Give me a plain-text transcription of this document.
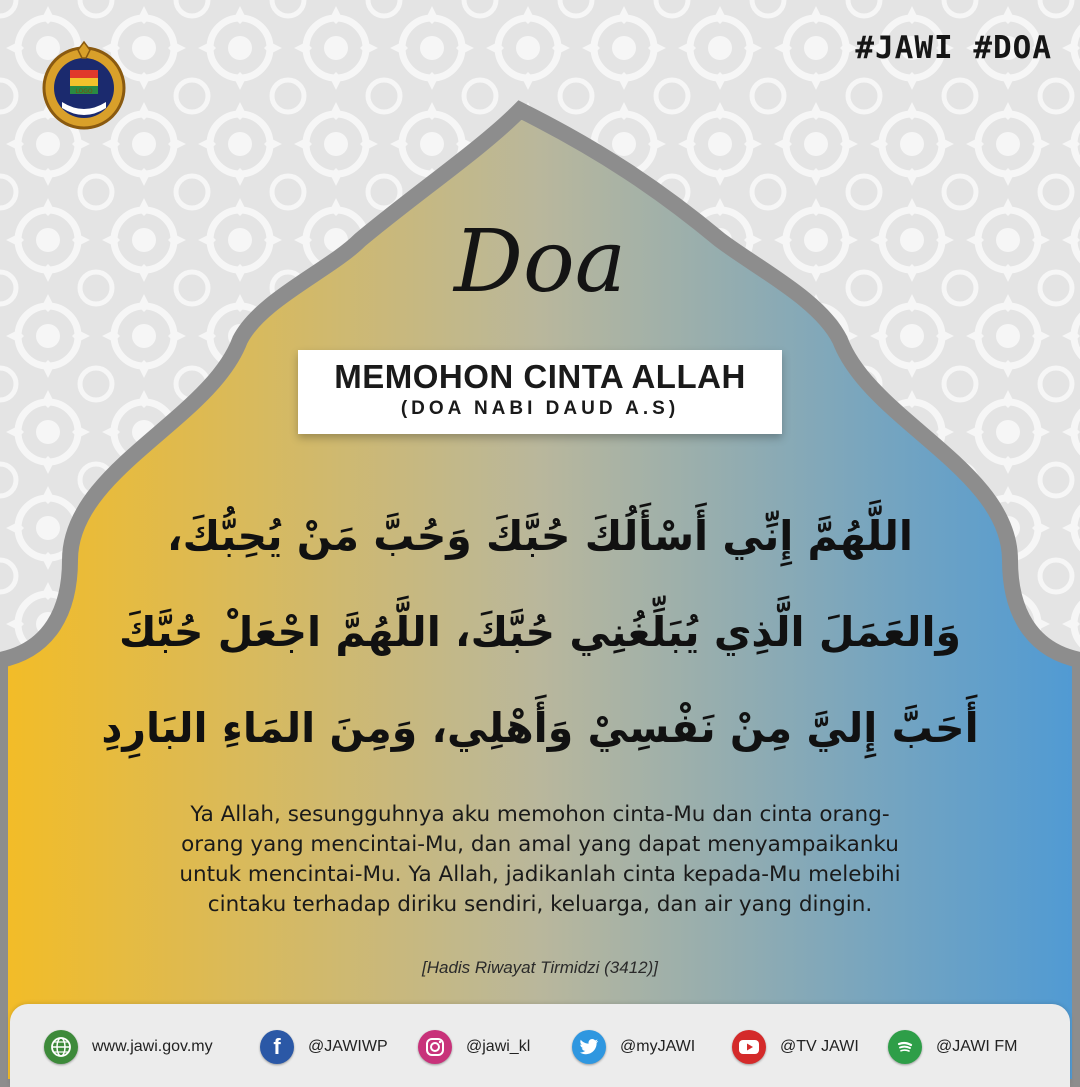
LOGO
#JAWI #DOA
Doa
MEMOHON CINTA ALLAH
(DOA NABI DAUD A.S)
اللَّهُمَّ إِنِّي أَسْأَلُكَ حُبَّكَ وَحُبَّ مَنْ يُحِبُّكَ،
وَالعَمَلَ الَّذِي يُبَلِّغُنِي حُبَّكَ، اللَّهُمَّ اجْعَلْ حُبَّكَ
أَحَبَّ إِليَّ مِنْ نَفْسِيْ وَأَهْلِي، وَمِنَ المَاءِ البَارِدِ
Ya Allah, sesungguhnya aku memohon cinta-Mu dan cinta orang-
orang yang mencintai-Mu, dan amal yang dapat menyampaikanku
untuk mencintai-Mu. Ya Allah, jadikanlah cinta kepada-Mu melebihi
cintaku terhadap diriku sendiri, keluarga, dan air yang dingin.
[Hadis Riwayat Tirmidzi (3412)]
www.jawi.gov.my	f @JAWIWP	@jawi_kl	@myJAWI	@TV JAWI	@JAWI FM
